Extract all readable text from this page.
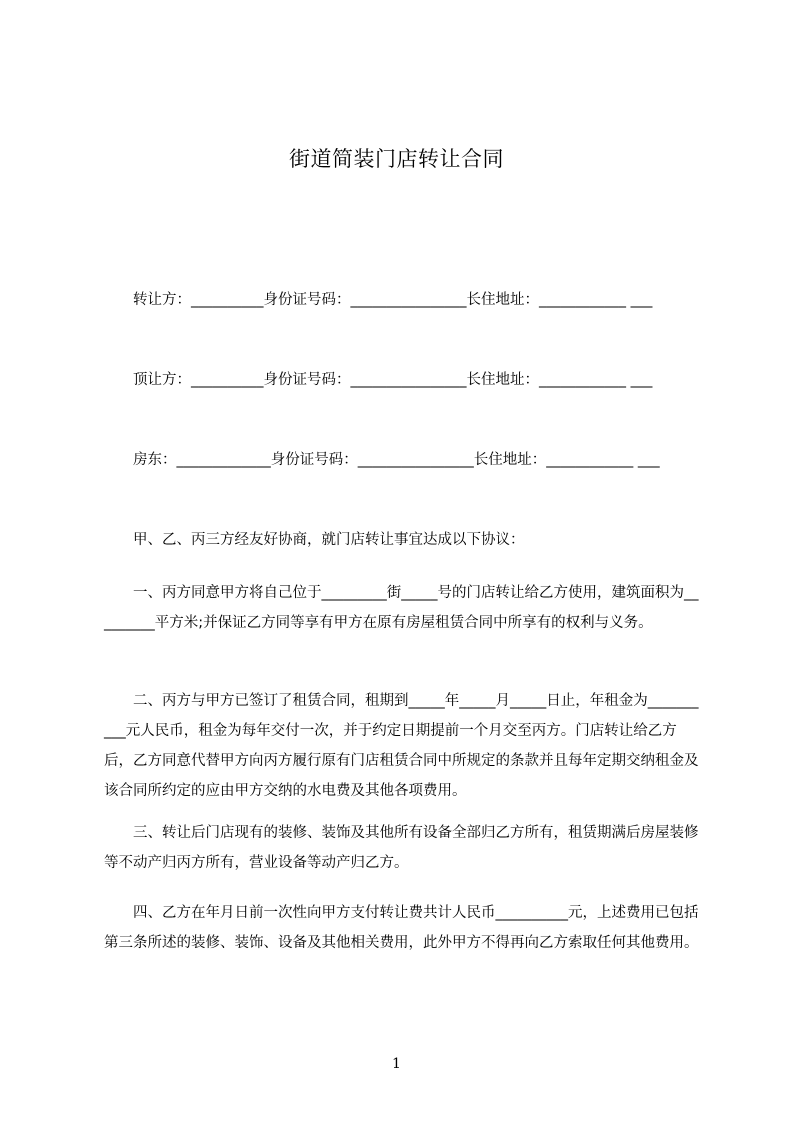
街道简装门店转让合同

转让方：__________身份证号码：________________长住地址：____________ ___

顶让方：__________身份证号码：________________长住地址：____________ ___

房东：_____________身份证号码：________________长住地址：____________ ___

甲、乙、丙三方经友好协商，就门店转让事宜达成以下协议：

一、丙方同意甲方将自己位于_________街_____号的门店转让给乙方使用，建筑面积为_________平方米;并保证乙方同等享有甲方在原有房屋租赁合同中所享有的权利与义务。

二、丙方与甲方已签订了租赁合同，租期到_____年_____月_____日止，年租金为__________元人民币，租金为每年交付一次，并于约定日期提前一个月交至丙方。门店转让给乙方后，乙方同意代替甲方向丙方履行原有门店租赁合同中所规定的条款并且每年定期交纳租金及该合同所约定的应由甲方交纳的水电费及其他各项费用。

三、转让后门店现有的装修、装饰及其他所有设备全部归乙方所有，租赁期满后房屋装修等不动产归丙方所有，营业设备等动产归乙方。

四、乙方在年月日前一次性向甲方支付转让费共计人民币__________元，上述费用已包括第三条所述的装修、装饰、设备及其他相关费用，此外甲方不得再向乙方索取任何其他费用。

1
